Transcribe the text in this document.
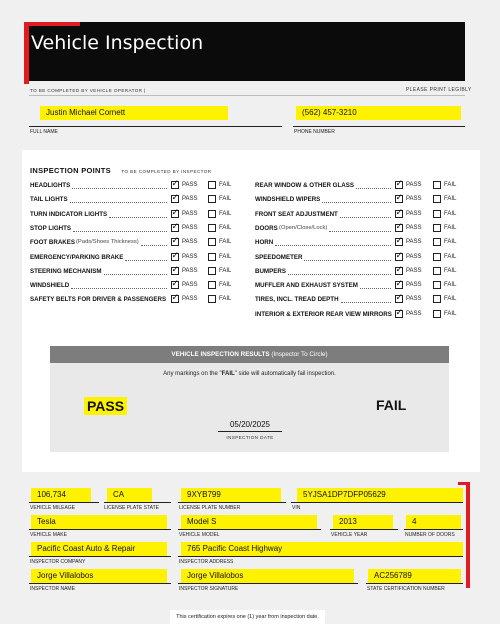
Vehicle Inspection
TO BE COMPLETED BY VEHICLE OPERATOR |	PLEASE PRINT LEGIBLY
Justin Michael Cornett
FULL NAME
(562) 457-3210
PHONE NUMBER
INSPECTION POINTS TO BE COMPLETED BY INSPECTOR
HEADLIGHTS ✓	PASS	FAIL
TAIL LIGHTS ✓	PASS	FAIL
TURN INDICATOR LIGHTS ✓	PASS	FAIL
STOP LIGHTS ✓	PASS	FAIL
FOOT BRAKES (Pads/Shoes Thickness) ✓	PASS	FAIL
EMERGENCY/PARKING BRAKE ✓	PASS	FAIL
STEERING MECHANISM ✓	PASS	FAIL
WINDSHIELD ✓	PASS	FAIL
SAFETY BELTS FOR DRIVER & PASSENGERS ✓	PASS	FAIL
REAR WINDOW & OTHER GLASS ✓	PASS	FAIL
WINDSHIELD WIPERS ✓	PASS	FAIL
FRONT SEAT ADJUSTMENT ✓	PASS	FAIL
DOORS (Open/Close/Lock) ✓	PASS	FAIL
HORN ✓	PASS	FAIL
SPEEDOMETER ✓	PASS	FAIL
BUMPERS ✓	PASS	FAIL
MUFFLER AND EXHAUST SYSTEM ✓	PASS	FAIL
TIRES, INCL. TREAD DEPTH ✓	PASS	FAIL
INTERIOR & EXTERIOR REAR VIEW MIRRORS ✓ PASS	FAIL
VEHICLE INSPECTION RESULTS (Inspector To Circle)
Any markings on the "FAIL" side will automatically fail inspection.
PASS	FAIL
05/20/2025
INSPECTION DATE
106,734
VEHICLE MILEAGE
CA
LICENSE PLATE STATE
9XYB799
LICENSE PLATE NUMBER
5YJSA1DP7DFP05629
VIN
Tesla
VEHICLE MAKE
Model S
VEHICLE MODEL
2013
VEHICLE YEAR
4
NUMBER OF DOORS
Pacific Coast Auto & Repair
INSPECTOR COMPANY
765 Pacific Coast Highway
INSPECTOR ADDRESS
Jorge Villalobos
INSPECTOR NAME
Jorge Villalobos
INSPECTOR SIGNATURE
AC256789
STATE CERTIFICATION NUMBER
This certification expires one (1) year from inspection date.
